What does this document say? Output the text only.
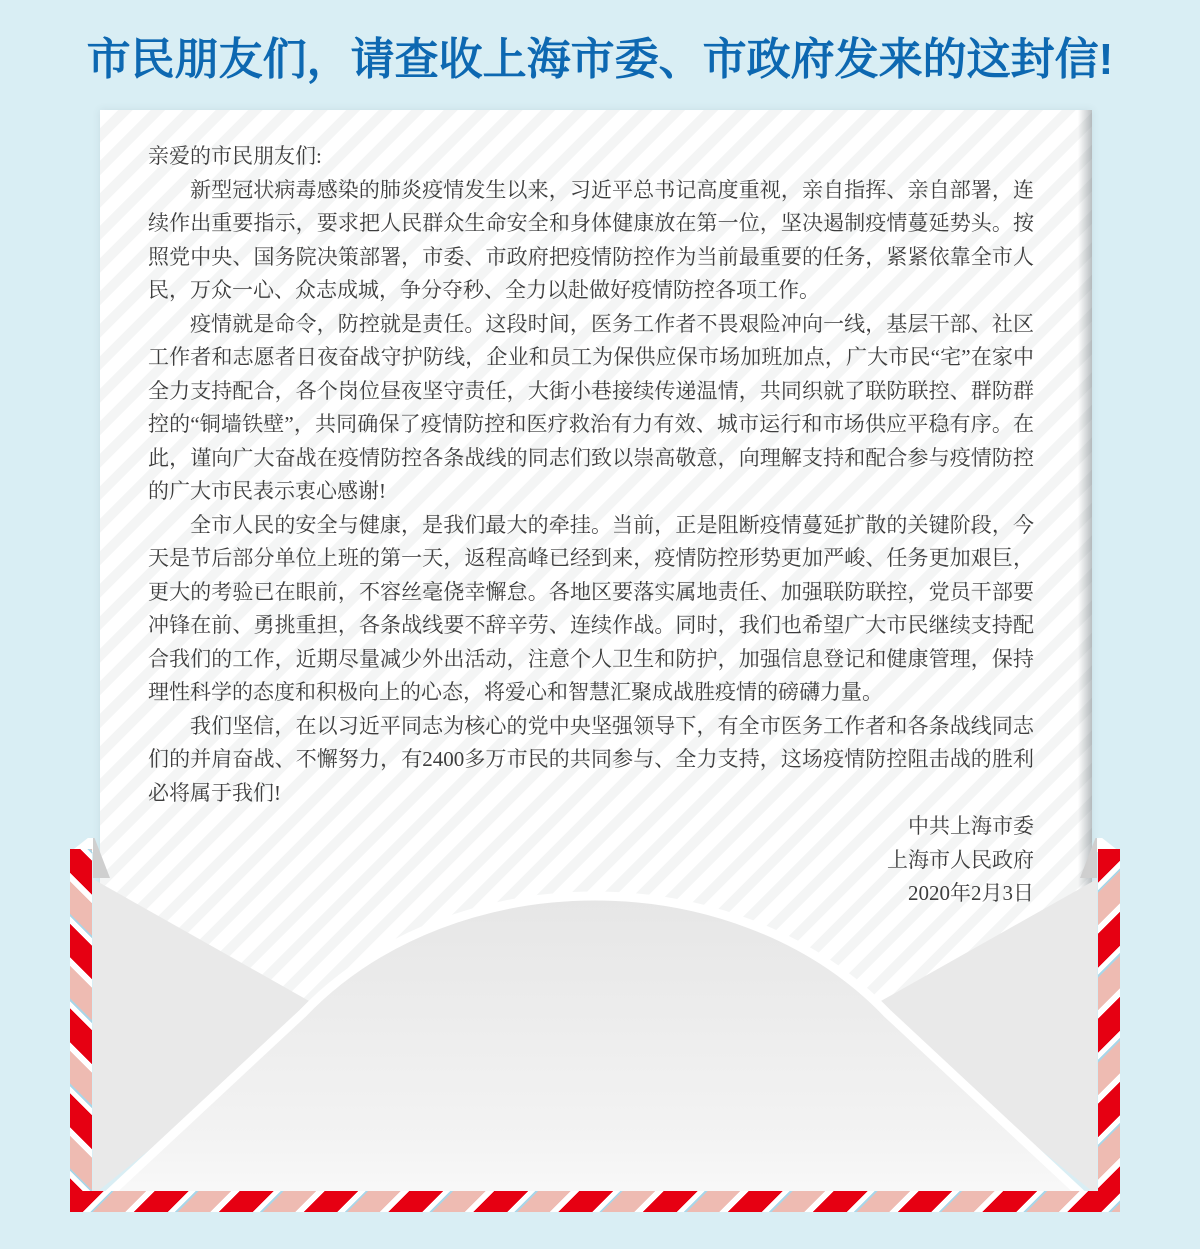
市民朋友们，请查收上海市委、市政府发来的这封信!
亲爱的市民朋友们:
新型冠状病毒感染的肺炎疫情发生以来，习近平总书记高度重视，亲自指挥、亲自部署，连续作出重要指示，要求把人民群众生命安全和身体健康放在第一位，坚决遏制疫情蔓延势头。按照党中央、国务院决策部署，市委、市政府把疫情防控作为当前最重要的任务，紧紧依靠全市人民，万众一心、众志成城，争分夺秒、全力以赴做好疫情防控各项工作。
疫情就是命令，防控就是责任。这段时间，医务工作者不畏艰险冲向一线，基层干部、社区工作者和志愿者日夜奋战守护防线，企业和员工为保供应保市场加班加点，广大市民“宅”在家中全力支持配合，各个岗位昼夜坚守责任，大街小巷接续传递温情，共同织就了联防联控、群防群控的“铜墙铁壁”，共同确保了疫情防控和医疗救治有力有效、城市运行和市场供应平稳有序。在此，谨向广大奋战在疫情防控各条战线的同志们致以崇高敬意，向理解支持和配合参与疫情防控的广大市民表示衷心感谢!
全市人民的安全与健康，是我们最大的牵挂。当前，正是阻断疫情蔓延扩散的关键阶段，今天是节后部分单位上班的第一天，返程高峰已经到来，疫情防控形势更加严峻、任务更加艰巨，更大的考验已在眼前，不容丝毫侥幸懈怠。各地区要落实属地责任、加强联防联控，党员干部要冲锋在前、勇挑重担，各条战线要不辞辛劳、连续作战。同时，我们也希望广大市民继续支持配合我们的工作，近期尽量减少外出活动，注意个人卫生和防护，加强信息登记和健康管理，保持理性科学的态度和积极向上的心态，将爱心和智慧汇聚成战胜疫情的磅礴力量。
我们坚信，在以习近平同志为核心的党中央坚强领导下，有全市医务工作者和各条战线同志们的并肩奋战、不懈努力，有2400多万市民的共同参与、全力支持，这场疫情防控阻击战的胜利必将属于我们!
中共上海市委
上海市人民政府
2020年2月3日
